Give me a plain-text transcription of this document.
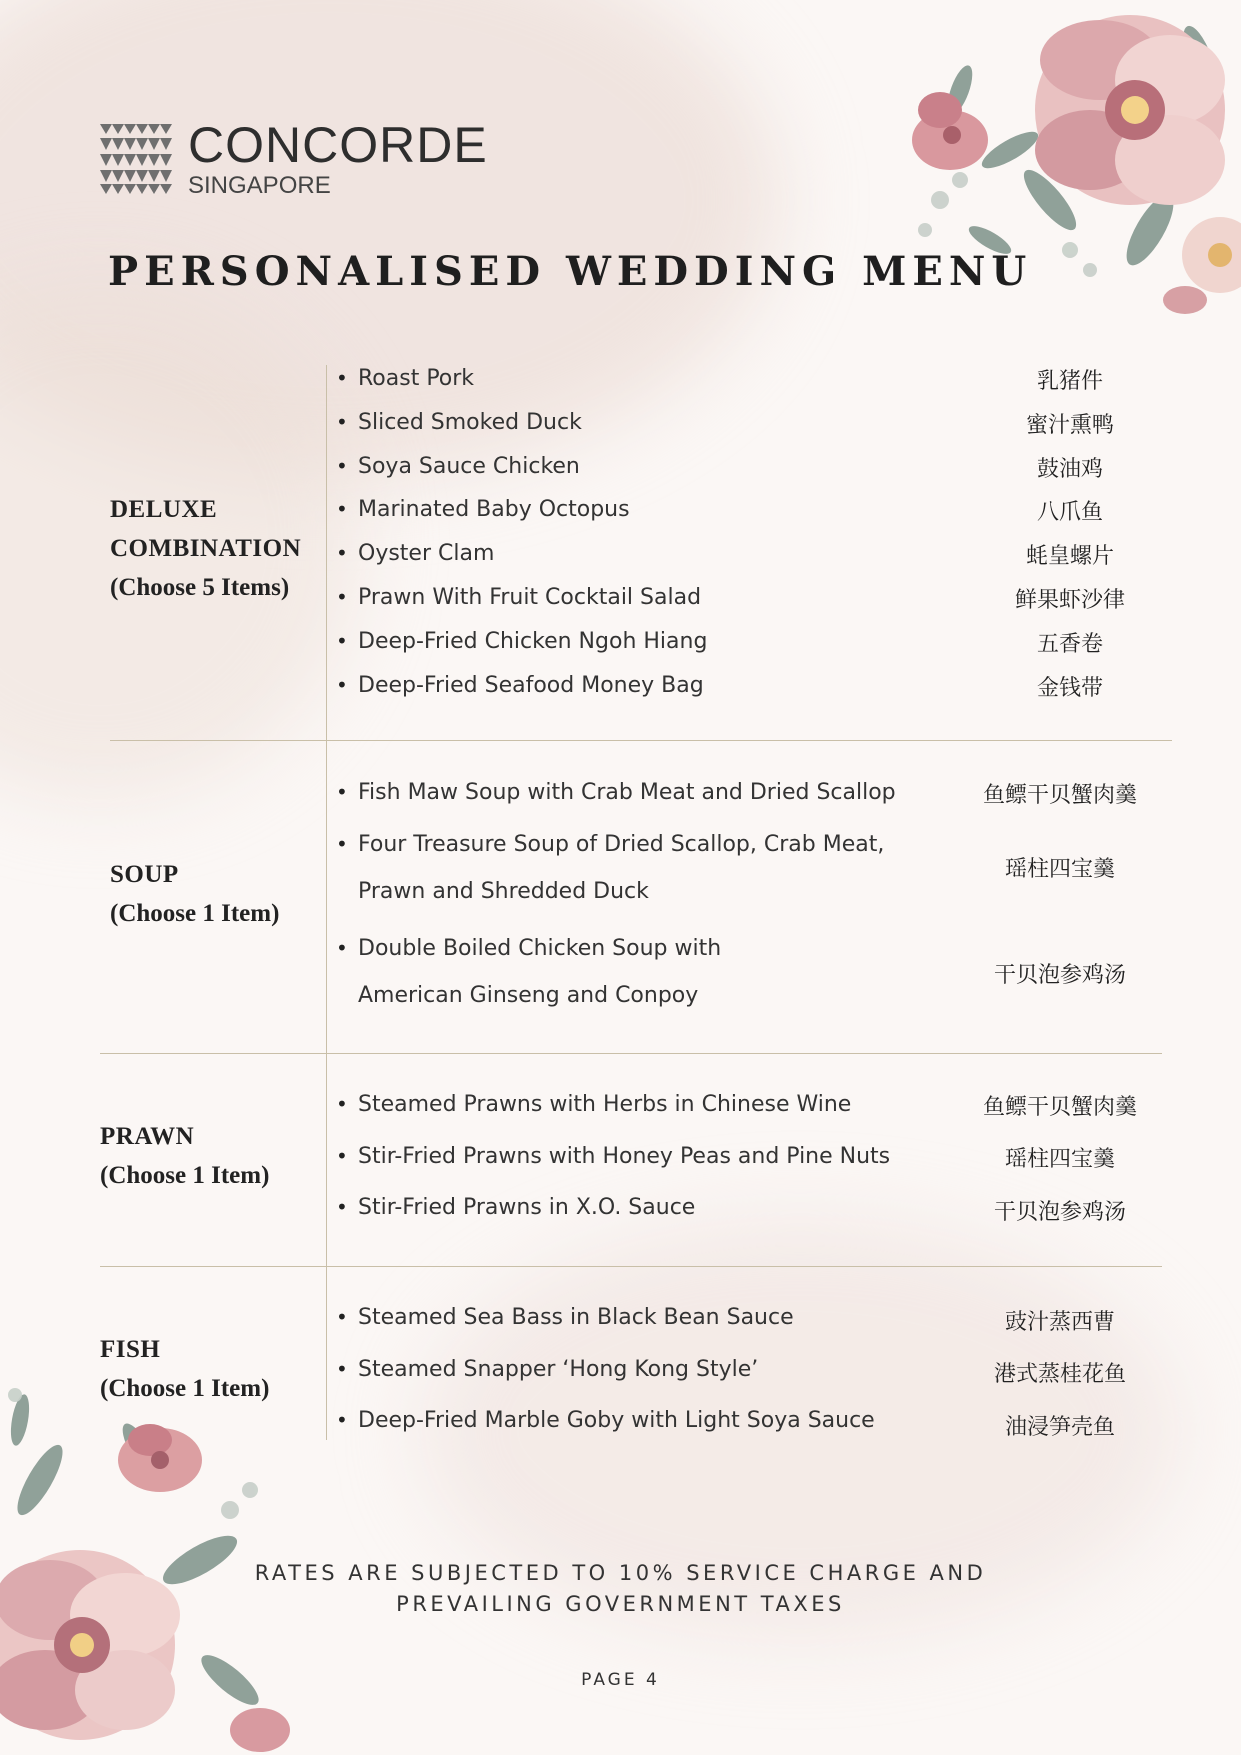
CONCORDE
SINGAPORE
PERSONALISED WEDDING MENU
DELUXE
COMBINATION
(Choose 5 Items)
• Roast Pork	乳猪件
• Sliced Smoked Duck	蜜汁熏鸭
• Soya Sauce Chicken	鼓油鸡
• Marinated Baby Octopus	八爪鱼
• Oyster Clam	蚝皇螺片
• Prawn With Fruit Cocktail Salad	鲜果虾沙律
• Deep-Fried Chicken Ngoh Hiang	五香卷
• Deep-Fried Seafood Money Bag	金钱带
SOUP
(Choose 1 Item)
• Fish Maw Soup with Crab Meat and Dried Scallop	鱼鳔干贝蟹肉羹
• Four Treasure Soup of Dried Scallop, Crab Meat,
Prawn and Shredded Duck
瑶柱四宝羹
• Double Boiled Chicken Soup with
American Ginseng and Conpoy
干贝泡参鸡汤
PRAWN
(Choose 1 Item)
• Steamed Prawns with Herbs in Chinese Wine	鱼鳔干贝蟹肉羹
• Stir-Fried Prawns with Honey Peas and Pine Nuts	瑶柱四宝羹
• Stir-Fried Prawns in X.O. Sauce	干贝泡参鸡汤
FISH
(Choose 1 Item)
• Steamed Sea Bass in Black Bean Sauce	豉汁蒸西曹
• Steamed Snapper ‘Hong Kong Style’	港式蒸桂花鱼
• Deep-Fried Marble Goby with Light Soya Sauce	油浸笋壳鱼
RATES ARE SUBJECTED TO 10% SERVICE CHARGE AND
PREVAILING GOVERNMENT TAXES
PAGE 4
